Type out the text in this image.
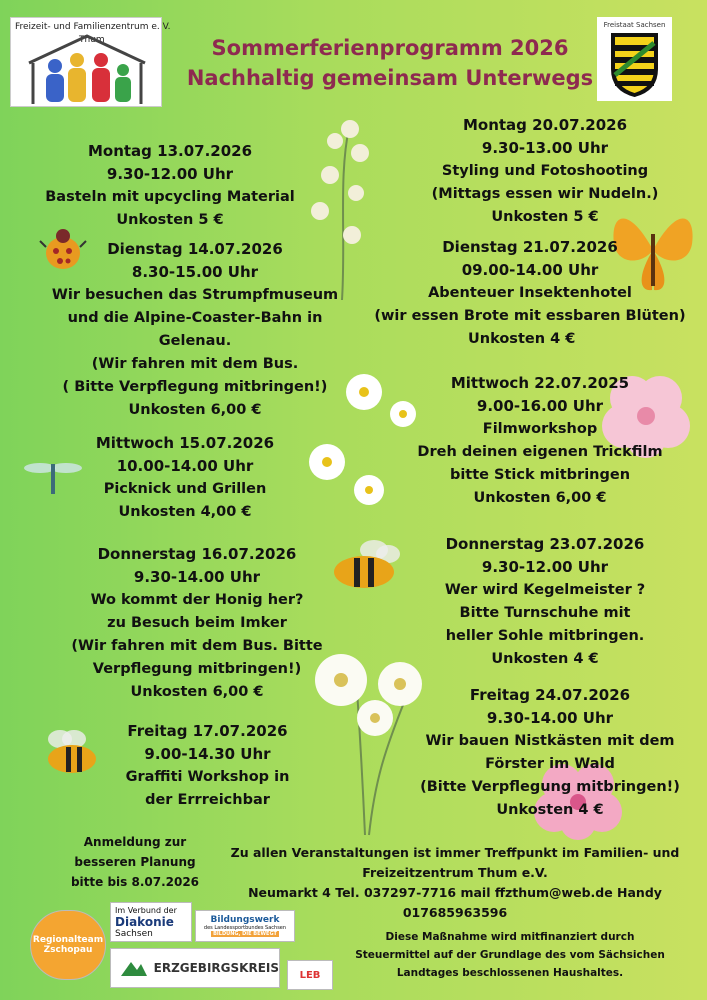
Sommerferienprogramm 2026
Nachhaltig gemeinsam Unterwegs
Freizeit- und Familienzentrum e. V.
Thum
Freistaat Sachsen
Montag 13.07.2026
9.30-12.00 Uhr
Basteln mit upcycling Material
Unkosten 5 €
Dienstag 14.07.2026
8.30-15.00 Uhr
Wir besuchen das Strumpfmuseum
und die Alpine-Coaster-Bahn in
Gelenau.
(Wir fahren mit dem Bus.
( Bitte Verpflegung mitbringen!)
Unkosten 6,00 €
Mittwoch 15.07.2026
10.00-14.00 Uhr
Picknick und Grillen
Unkosten 4,00 €
Donnerstag 16.07.2026
9.30-14.00 Uhr
Wo kommt der Honig her?
zu Besuch beim Imker
(Wir fahren mit dem Bus. Bitte
Verpflegung mitbringen!)
Unkosten 6,00 €
Freitag 17.07.2026
9.00-14.30 Uhr
Graffiti Workshop in
der Errreichbar
Montag 20.07.2026
9.30-13.00 Uhr
Styling und Fotoshooting
(Mittags essen wir Nudeln.)
Unkosten 5 €
Dienstag 21.07.2026
09.00-14.00 Uhr
Abenteuer Insektenhotel
(wir essen Brote mit essbaren Blüten)
Unkosten 4 €
Mittwoch 22.07.2025
9.00-16.00 Uhr
Filmworkshop
Dreh deinen eigenen Trickfilm
bitte Stick mitbringen
Unkosten 6,00 €
Donnerstag 23.07.2026
9.30-12.00 Uhr
Wer wird Kegelmeister ?
Bitte Turnschuhe mit
heller Sohle mitbringen.
Unkosten 4 €
Freitag 24.07.2026
9.30-14.00 Uhr
Wir bauen Nistkästen mit dem
Förster im Wald
(Bitte Verpflegung mitbringen!)
Unkosten 4 €
Anmeldung zur
besseren Planung
bitte bis 8.07.2026
Zu allen Veranstaltungen ist immer Treffpunkt im Familien- und
Freizeitzentrum Thum e.V.
Neumarkt 4 Tel. 037297-7716 mail ffzthum@web.de Handy
017685963596
Diese Maßnahme wird mitfinanziert durch
Steuermittel auf der Grundlage des vom Sächsichen
Landtages beschlossenen Haushaltes.
Regionalteam Zschopau
Im Verbund der
Diakonie
Sachsen
Bildungswerk
des Landessportbundes Sachsen
BILDUNG, DIE BEWEGT
ERZGEBIRGSKREIS LEB
